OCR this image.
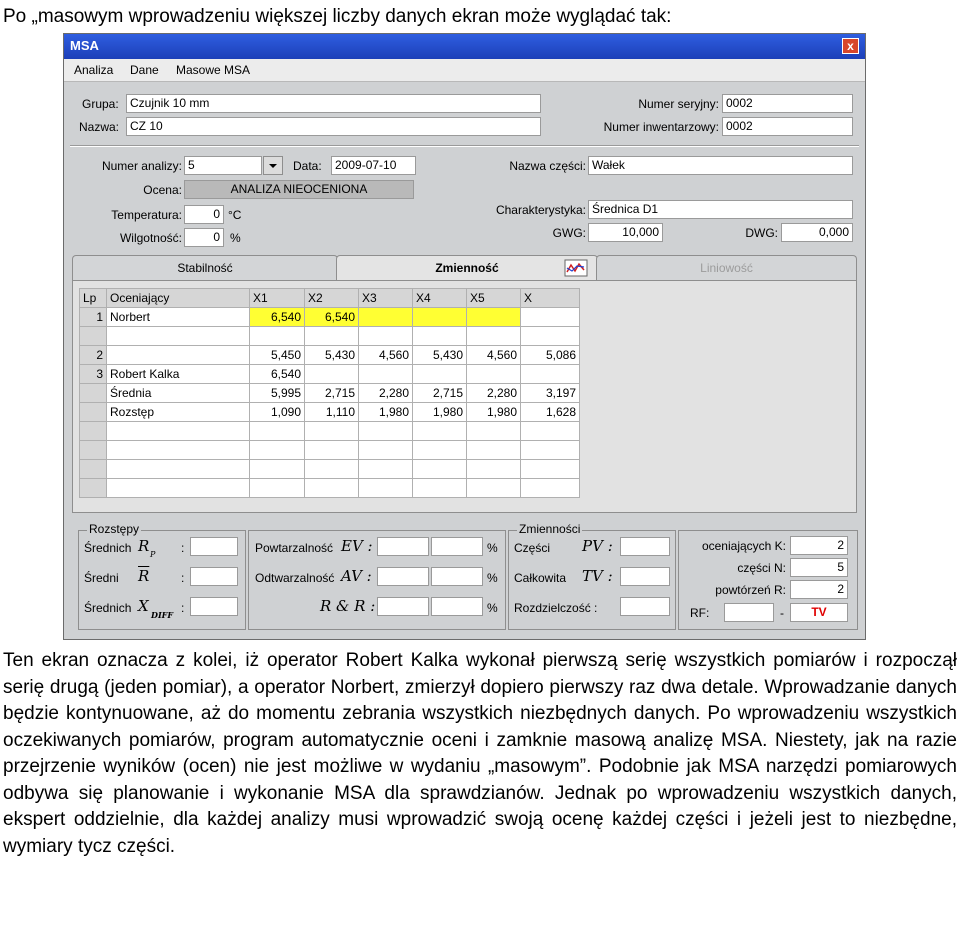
Po „masowym wprowadzeniu większej liczby danych ekran może wyglądać tak:
MSA	x
Analiza Dane Masowe MSA
Grupa: Czujnik 10 mm
Nazwa: CZ 10
Numer seryjny: 0002
Numer inwentarzowy: 0002
Numer analizy: 5	Data:	2009-07-10
Ocena:	ANALIZA NIEOCENIONA
Temperatura:	0 °C
Wilgotność:	0 %
Nazwa części: Wałek
Charakterystyka: Średnica D1
GWG:	10,000	DWG:	0,000
Stabilność	Zmienność	Liniowość
Lp	Oceniający	X1	X2	X3	X4	X5	X
1	Norbert	6,540	6,540				

2		5,450	5,430	4,560	5,430	4,560	5,086
3	Robert Kalka	6,540					
	Średnia	5,995	2,715	2,280	2,715	2,280	3,197
	Rozstęp	1,090	1,110	1,980	1,980	1,980	1,628

Rozstępy
Średnich R P :
Średni $\overline{R}$	:
Średnich X DIFF :
Powtarzalność EV :	%
Odtwarzalność AV :	%
R & R :	%
Zmienności
Części PV :
Całkowita TV :
Rozdzielczość :
oceniających K:	2
części N:	5
powtórzeń R:	2
RF:	-	TV
Ten ekran oznacza z kolei, iż operator Robert Kalka wykonał pierwszą serię wszystkich pomiarów i rozpoczął serię drugą (jeden pomiar), a operator Norbert, zmierzył dopiero pierwszy raz dwa detale. Wprowadzanie danych będzie kontynuowane, aż do momentu zebrania wszystkich niezbędnych danych. Po wprowadzeniu wszystkich oczekiwanych pomiarów, program automatycznie oceni i zamknie masową analizę MSA. Niestety, jak na razie przejrzenie wyników (ocen) nie jest możliwe w wydaniu „masowym”. Podobnie jak MSA narzędzi pomiarowych odbywa się planowanie i wykonanie MSA dla sprawdzianów. Jednak po wprowadzeniu wszystkich danych, ekspert oddzielnie, dla każdej analizy musi wprowadzić swoją ocenę każdej części i jeżeli jest to niezbędne, wymiary tycz części.
